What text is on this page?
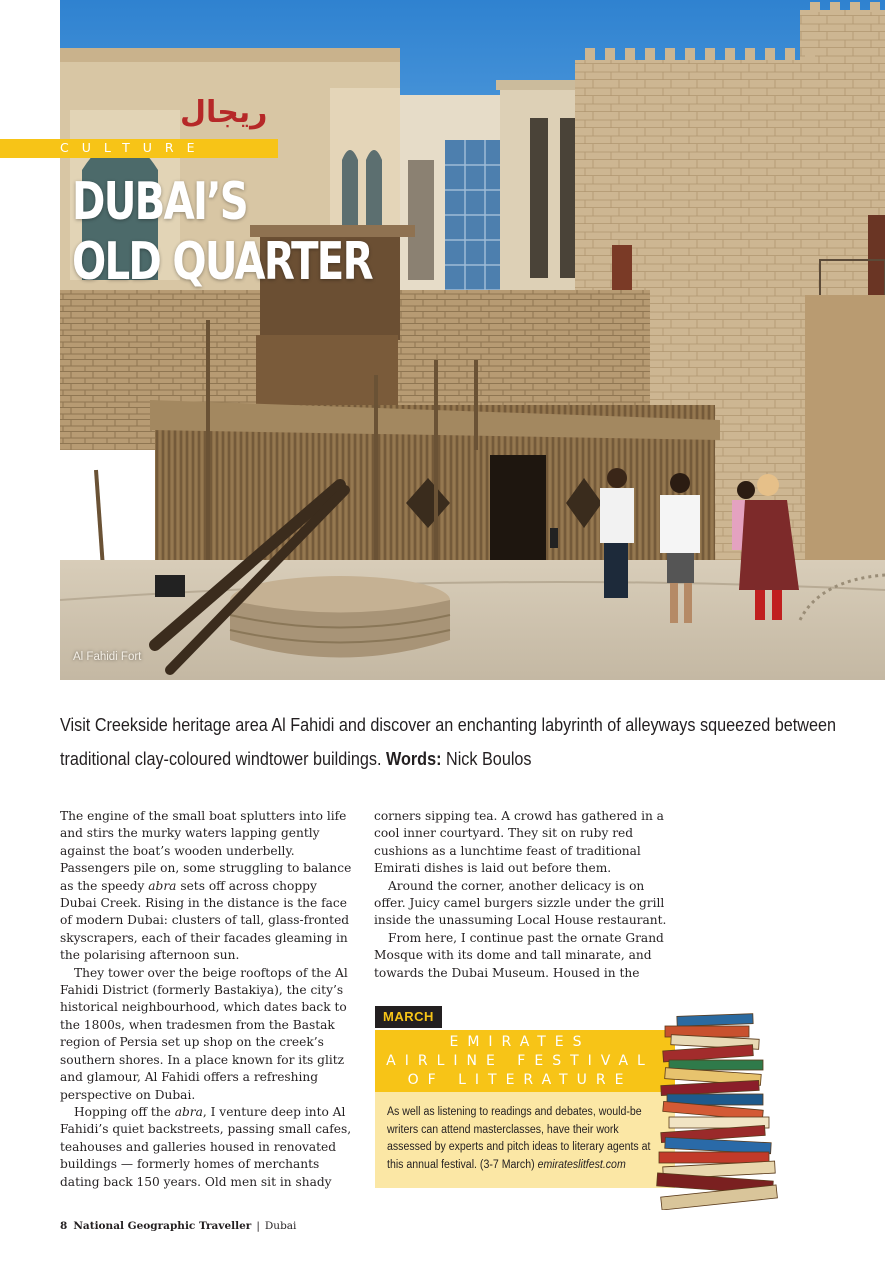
ريجال
Al Fahidi Fort
CULTURE
DUBAI’S
OLD QUARTER

Visit Creekside heritage area Al Fahidi and discover an enchanting labyrinth of alleyways squeezed between traditional clay-coloured windtower buildings. Words: Nick Boulos

The engine of the small boat splutters into life and stirs the murky waters lapping gently against the boat’s wooden underbelly. Passengers pile on, some struggling to balance as the speedy abra sets off across choppy Dubai Creek. Rising in the distance is the face of modern Dubai: clusters of tall, glass-fronted skyscrapers, each of their facades gleaming in the polarising afternoon sun.

They tower over the beige rooftops of the Al Fahidi District (formerly Bastakiya), the city’s historical neighbourhood, which dates back to the 1800s, when tradesmen from the Bastak region of Persia set up shop on the creek’s southern shores. In a place known for its glitz and glamour, Al Fahidi offers a refreshing perspective on Dubai.

Hopping off the abra, I venture deep into Al Fahidi’s quiet backstreets, passing small cafes, teahouses and galleries housed in renovated buildings — formerly homes of merchants dating back 150 years. Old men sit in shady

corners sipping tea. A crowd has gathered in a cool inner courtyard. They sit on ruby red cushions as a lunchtime feast of traditional Emirati dishes is laid out before them.

Around the corner, another delicacy is on offer. Juicy camel burgers sizzle under the grill inside the unassuming Local House restaurant.

From here, I continue past the ornate Grand Mosque with its dome and tall minarate, and towards the Dubai Museum. Housed in the

MARCH
EMIRATES
AIRLINE FESTIVAL
OF LITERATURE

As well as listening to readings and debates, would-be writers can attend masterclasses, have their work assessed by experts and pitch ideas to literary agents at this annual festival. (3-7 March) emirateslitfest.com

8 National Geographic Traveller | Dubai
